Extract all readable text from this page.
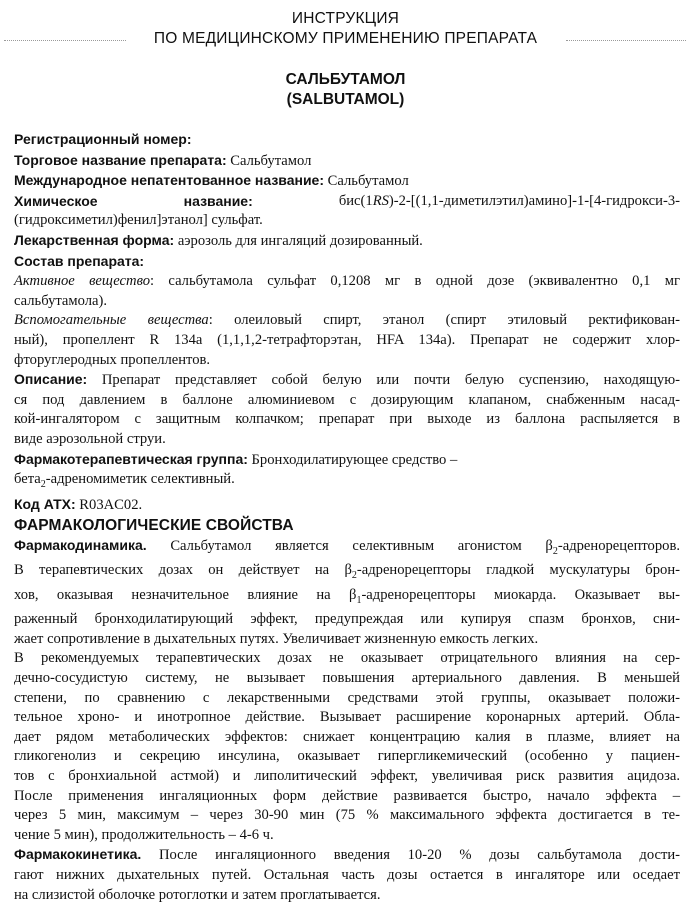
ИНСТРУКЦИЯ
ПО МЕДИЦИНСКОМУ ПРИМЕНЕНИЮ ПРЕПАРАТА
САЛЬБУТАМОЛ
(SALBUTAMOL)

Регистрационный номер:

Торговое название препарата: Сальбутамол

Международное непатентованное название: Сальбутамол

Химическое	название:	бис(1RS)-2-[(1,1-диметилэтил)амино]-1-[4-гидрокси-3-

(гидроксиметил)фенил]этанол] сульфат.

Лекарственная форма: аэрозоль для ингаляций дозированный.

Состав препарата:

Активное вещество: сальбутамола сульфат 0,1208 мг в одной дозе (эквивалентно 0,1 мг

сальбутамола).

Вспомогательные вещества: олеиловый спирт, этанол (спирт этиловый ректификован-

ный), пропеллент R 134a (1,1,1,2-тетрафторэтан, HFA 134a). Препарат не содержит хлор-

фторуглеродных пропеллентов.

Описание: Препарат представляет собой белую или почти белую суспензию, находящую-

ся под давлением в баллоне алюминиевом с дозирующим клапаном, снабженным насад-

кой-ингалятором с защитным колпачком; препарат при выходе из баллона распыляется в

виде аэрозольной струи.

Фармакотерапевтическая группа: Бронходилатирующее средство –

бета$_2$-адреномиметик селективный.

Код АТХ: R03AC02.

ФАРМАКОЛОГИЧЕСКИЕ СВОЙСТВА

Фармакодинамика. Сальбутамол является селективным агонистом $\beta_2$-адренорецепторов.

В терапевтических дозах он действует на $\beta_2$-адренорецепторы гладкой мускулатуры брон-

хов, оказывая незначительное влияние на $\beta_1$-адренорецепторы миокарда. Оказывает вы-

раженный бронходилатирующий эффект, предупреждая или купируя спазм бронхов, сни-

жает сопротивление в дыхательных путях. Увеличивает жизненную емкость легких.

В рекомендуемых терапевтических дозах не оказывает отрицательного влияния на сер-

дечно-сосудистую систему, не вызывает повышения артериального давления. В меньшей

степени, по сравнению с лекарственными средствами этой группы, оказывает положи-

тельное хроно- и инотропное действие. Вызывает расширение коронарных артерий. Обла-

дает рядом метаболических эффектов: снижает концентрацию калия в плазме, влияет на

гликогенолиз и секрецию инсулина, оказывает гипергликемический (особенно у пациен-

тов с бронхиальной астмой) и липолитический эффект, увеличивая риск развития ацидоза.

После применения ингаляционных форм действие развивается быстро, начало эффекта –

через 5 мин, максимум – через 30-90 мин (75 % максимального эффекта достигается в те-

чение 5 мин), продолжительность – 4-6 ч.

Фармакокинетика. После ингаляционного введения 10-20 % дозы сальбутамола дости-

гают нижних дыхательных путей. Остальная часть дозы остается в ингаляторе или оседает

на слизистой оболочке ротоглотки и затем проглатывается.
